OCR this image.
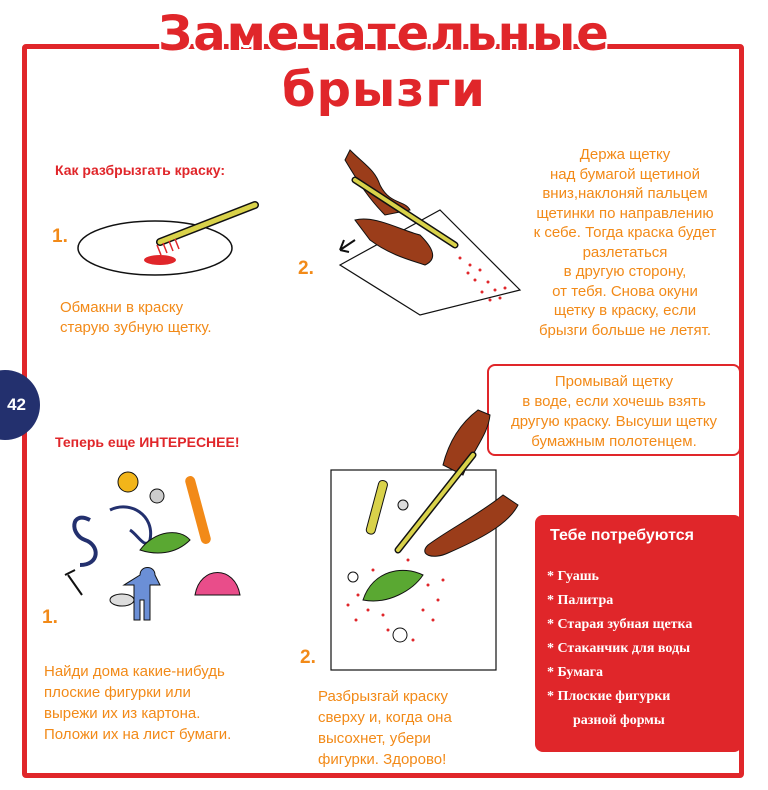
Замечательные
брызги
42
Как разбрызгать краску:
1.
Обмакни в краску
старую зубную щетку.
2.
Держа щетку
над бумагой щетиной
вниз,наклоняй пальцем
щетинки по направлению
к себе. Тогда краска будет
разлетаться
в другую сторону,
от тебя. Снова окуни
щетку в краску, если
брызги больше не летят.
Промывай щетку
в воде, если хочешь взять
другую краску. Высуши щетку
бумажным полотенцем.
Теперь еще ИНТЕРЕСНЕЕ!
1.
Найди дома какие-нибудь
плоские фигурки или
вырежи их из картона.
Положи их на лист бумаги.
2.
Разбрызгай краску
сверху и, когда она
высохнет, убери
фигурки. Здорово!
Тебе потребуются
* Гуашь
* Палитра
* Старая зубная щетка
* Стаканчик для воды
* Бумага
* Плоские фигурки
разной формы
